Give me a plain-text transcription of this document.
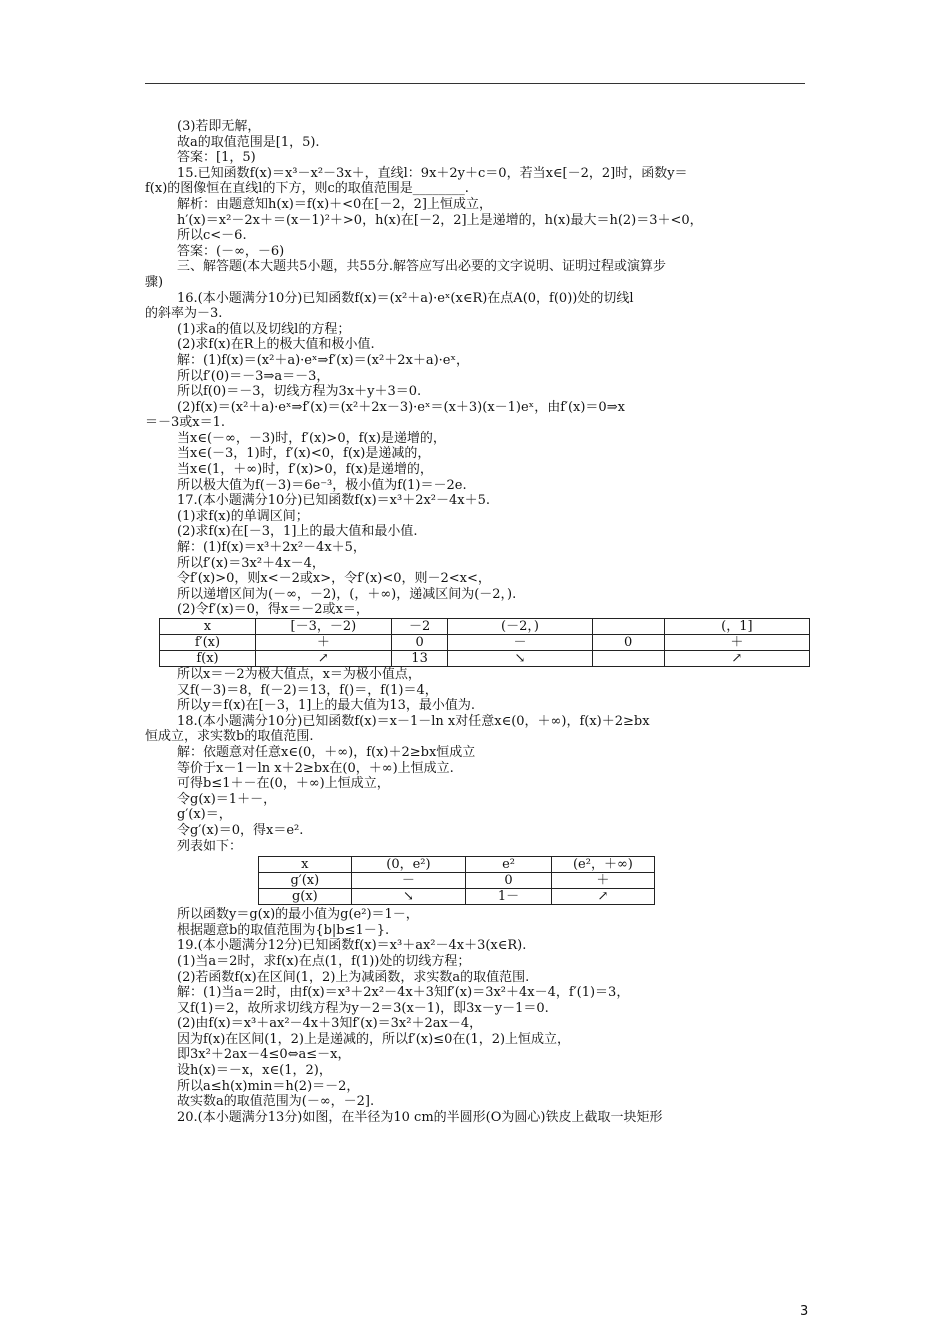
(3)若即无解，
故a的取值范围是[1，5).
答案：[1，5)
15.已知函数f(x)＝x³－x²－3x＋，直线l：9x＋2y＋c＝0，若当x∈[－2，2]时，函数y＝
f(x)的图像恒在直线l的下方，则c的取值范围是________.
解析：由题意知h(x)＝f(x)＋<0在[－2，2]上恒成立，
h′(x)＝x²－2x＋＝(x－1)²＋>0，h(x)在[－2，2]上是递增的，h(x)最大＝h(2)＝3＋<0，
所以c<－6.
答案：(－∞，－6)
三、解答题(本大题共5小题，共55分.解答应写出必要的文字说明、证明过程或演算步
骤)
16.(本小题满分10分)已知函数f(x)＝(x²＋a)·eˣ(x∈R)在点A(0，f(0))处的切线l
的斜率为－3.
(1)求a的值以及切线l的方程；
(2)求f(x)在R上的极大值和极小值.
解：(1)f(x)＝(x²＋a)·eˣ⇒f′(x)＝(x²＋2x＋a)·eˣ，
所以f′(0)＝－3⇒a＝－3，
所以f(0)＝－3，切线方程为3x＋y＋3＝0.
(2)f(x)＝(x²＋a)·eˣ⇒f′(x)＝(x²＋2x－3)·eˣ＝(x＋3)(x－1)eˣ，由f′(x)＝0⇒x
＝－3或x＝1.
当x∈(－∞，－3)时，f′(x)>0，f(x)是递增的，
当x∈(－3，1)时，f′(x)<0，f(x)是递减的，
当x∈(1，＋∞)时，f′(x)>0，f(x)是递增的，
所以极大值为f(－3)＝6e⁻³，极小值为f(1)＝－2e.
17.(本小题满分10分)已知函数f(x)＝x³＋2x²－4x＋5.
(1)求f(x)的单调区间；
(2)求f(x)在[－3，1]上的最大值和最小值.
解：(1)f(x)＝x³＋2x²－4x＋5，
所以f′(x)＝3x²＋4x－4，
令f′(x)>0，则x<－2或x>，令f′(x)<0，则－2<x<，
所以递增区间为(－∞，－2)，(，＋∞)，递减区间为(－2，).
(2)令f′(x)＝0，得x＝－2或x＝，
x	[－3，－2)	－2	(－2，)		(，1]
f′(x)	＋	0	－	0	＋
f(x)	↗	13	↘		↗
所以x＝－2为极大值点，x＝为极小值点，
又f(－3)＝8，f(－2)＝13，f()＝，f(1)＝4，
所以y＝f(x)在[－3，1]上的最大值为13，最小值为.
18.(本小题满分10分)已知函数f(x)＝x－1－ln x对任意x∈(0，＋∞)，f(x)＋2≥bx
恒成立，求实数b的取值范围.
解：依题意对任意x∈(0，＋∞)，f(x)＋2≥bx恒成立
等价于x－1－ln x＋2≥bx在(0，＋∞)上恒成立.
可得b≤1＋－在(0，＋∞)上恒成立，
令g(x)＝1＋－，
g′(x)＝，
令g′(x)＝0，得x＝e².
列表如下：
x	(0，e²)	e²	(e²，＋∞)
g′(x)	－	0	＋
g(x)	↘	1－	↗
所以函数y＝g(x)的最小值为g(e²)＝1－，
根据题意b的取值范围为{b|b≤1－}.
19.(本小题满分12分)已知函数f(x)＝x³＋ax²－4x＋3(x∈R).
(1)当a＝2时，求f(x)在点(1，f(1))处的切线方程；
(2)若函数f(x)在区间(1，2)上为减函数，求实数a的取值范围.
解：(1)当a＝2时，由f(x)＝x³＋2x²－4x＋3知f′(x)＝3x²＋4x－4，f′(1)＝3，
又f(1)＝2，故所求切线方程为y－2＝3(x－1)，即3x－y－1＝0.
(2)由f(x)＝x³＋ax²－4x＋3知f′(x)＝3x²＋2ax－4，
因为f(x)在区间(1，2)上是递减的，所以f′(x)≤0在(1，2)上恒成立，
即3x²＋2ax－4≤0⇔a≤－x，
设h(x)＝－x，x∈(1，2)，
所以a≤h(x)min＝h(2)＝－2，
故实数a的取值范围为(－∞，－2].
20.(本小题满分13分)如图，在半径为10 cm的半圆形(O为圆心)铁皮上截取一块矩形
3
